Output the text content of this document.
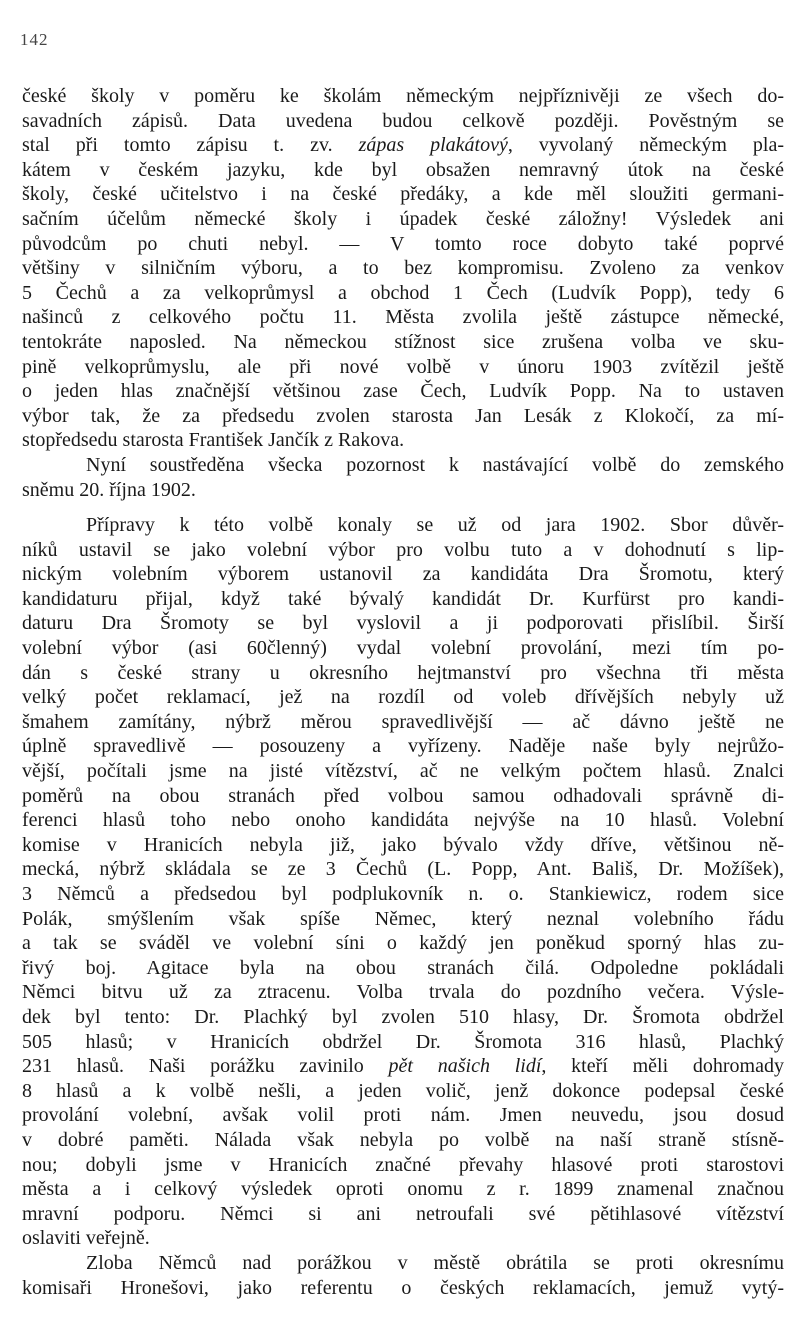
142
české školy v poměru ke školám německým nejpříznivěji ze všech do-
savadních zápisů. Data uvedena budou celkově později. Pověstným se
stal při tomto zápisu t. zv. zápas plakátový, vyvolaný německým pla-
kátem v českém jazyku, kde byl obsažen nemravný útok na české
školy, české učitelstvo i na české předáky, a kde měl sloužiti germani-
sačním účelům německé školy i úpadek české záložny! Výsledek ani
původcům po chuti nebyl. — V tomto roce dobyto také poprvé
většiny v silničním výboru, a to bez kompromisu. Zvoleno za venkov
5 Čechů a za velkoprůmysl a obchod 1 Čech (Ludvík Popp), tedy 6
našinců z celkového počtu 11. Města zvolila ještě zástupce německé,
tentokráte naposled. Na německou stížnost sice zrušena volba ve sku-
pině velkoprůmyslu, ale při nové volbě v únoru 1903 zvítězil ještě
o jeden hlas značnější většinou zase Čech, Ludvík Popp. Na to ustaven
výbor tak, že za předsedu zvolen starosta Jan Lesák z Klokočí, za mí-
stopředsedu starosta František Jančík z Rakova.
Nyní soustředěna všecka pozornost k nastávající volbě do zemského
sněmu 20. října 1902.
Přípravy k této volbě konaly se už od jara 1902. Sbor důvěr-
níků ustavil se jako volební výbor pro volbu tuto a v dohodnutí s lip-
nickým volebním výborem ustanovil za kandidáta Dra Šromotu, který
kandidaturu přijal, když také bývalý kandidát Dr. Kurfürst pro kandi-
daturu Dra Šromoty se byl vyslovil a ji podporovati přislíbil. Širší
volební výbor (asi 60členný) vydal volební provolání, mezi tím po-
dán s české strany u okresního hejtmanství pro všechna tři města
velký počet reklamací, jež na rozdíl od voleb dřívějších nebyly už
šmahem zamítány, nýbrž měrou spravedlivější — ač dávno ještě ne
úplně spravedlivě — posouzeny a vyřízeny. Naděje naše byly nejrůžo-
vější, počítali jsme na jisté vítězství, ač ne velkým počtem hlasů. Znalci
poměrů na obou stranách před volbou samou odhadovali správně di-
ferenci hlasů toho nebo onoho kandidáta nejvýše na 10 hlasů. Volební
komise v Hranicích nebyla již, jako bývalo vždy dříve, většinou ně-
mecká, nýbrž skládala se ze 3 Čechů (L. Popp, Ant. Bališ, Dr. Možíšek),
3 Němců a předsedou byl podplukovník n. o. Stankiewicz, rodem sice
Polák, smýšlením však spíše Němec, který neznal volebního řádu
a tak se sváděl ve volební síni o každý jen poněkud sporný hlas zu-
řivý boj. Agitace byla na obou stranách čilá. Odpoledne pokládali
Němci bitvu už za ztracenu. Volba trvala do pozdního večera. Výsle-
dek byl tento: Dr. Plachký byl zvolen 510 hlasy, Dr. Šromota obdržel
505 hlasů; v Hranicích obdržel Dr. Šromota 316 hlasů, Plachký
231 hlasů. Naši porážku zavinilo pět našich lidí, kteří měli dohromady
8 hlasů a k volbě nešli, a jeden volič, jenž dokonce podepsal české
provolání volební, avšak volil proti nám. Jmen neuvedu, jsou dosud
v dobré paměti. Nálada však nebyla po volbě na naší straně stísně-
nou; dobyli jsme v Hranicích značné převahy hlasové proti starostovi
města a i celkový výsledek oproti onomu z r. 1899 znamenal značnou
mravní podporu. Němci si ani netroufali své pětihlasové vítězství
oslaviti veřejně.
Zloba Němců nad porážkou v městě obrátila se proti okresnímu
komisaři Hronešovi, jako referentu o českých reklamacích, jemuž vytý-
